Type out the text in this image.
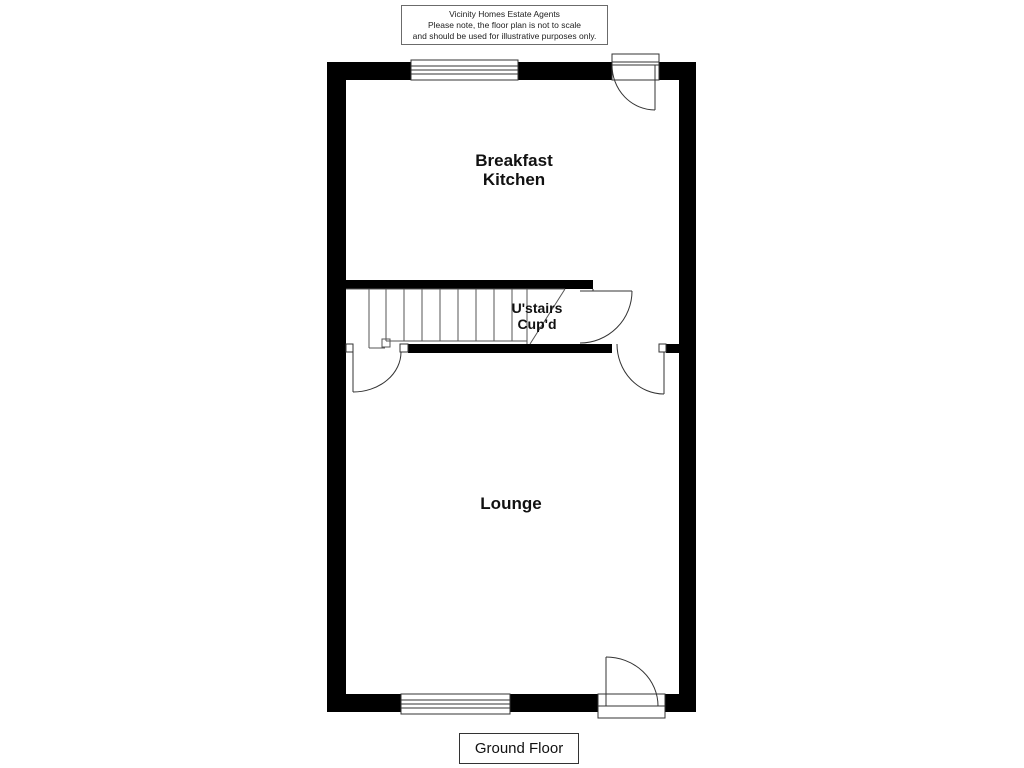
Vicinity Homes Estate Agents
Please note, the floor plan is not to scale
and should be used for illustrative purposes only.
Breakfast
Kitchen
U'stairs
Cup'd
Lounge
Ground Floor
